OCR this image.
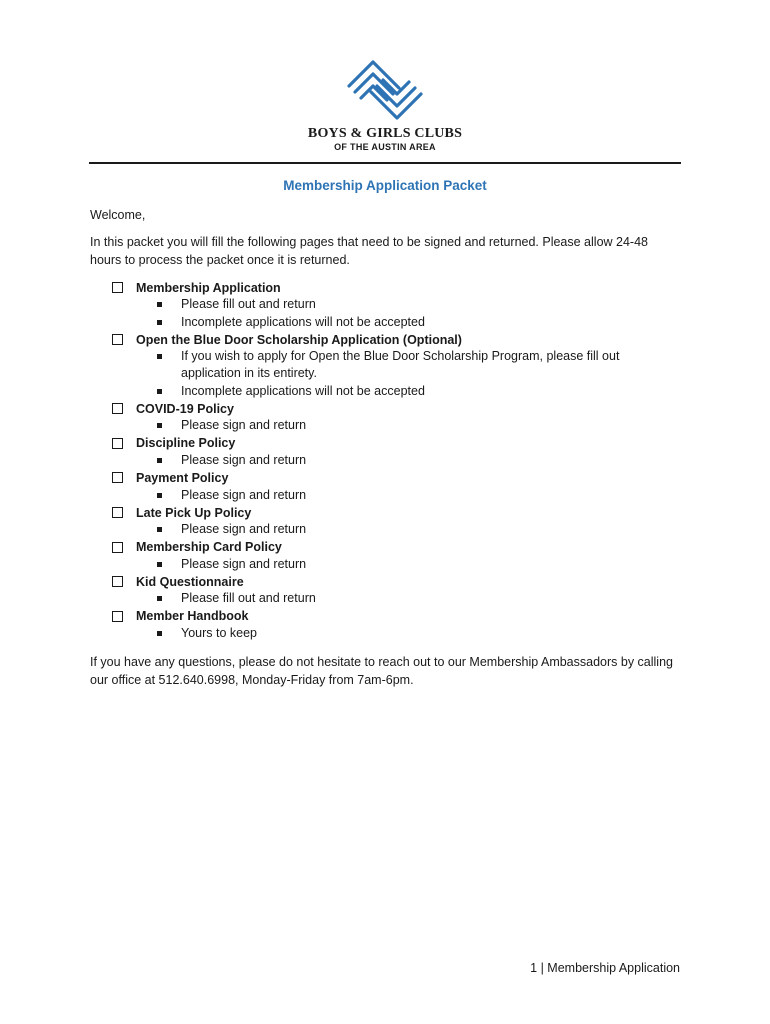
BOYS & GIRLS CLUBS
OF THE AUSTIN AREA
Membership Application Packet
Welcome,
In this packet you will fill the following pages that need to be signed and returned. Please allow 24-48 hours to process the packet once it is returned.
Membership Application
Please fill out and return
Incomplete applications will not be accepted
Open the Blue Door Scholarship Application (Optional)
If you wish to apply for Open the Blue Door Scholarship Program, please fill out application in its entirety.
Incomplete applications will not be accepted
COVID-19 Policy
Please sign and return
Discipline Policy
Please sign and return
Payment Policy
Please sign and return
Late Pick Up Policy
Please sign and return
Membership Card Policy
Please sign and return
Kid Questionnaire
Please fill out and return
Member Handbook
Yours to keep
If you have any questions, please do not hesitate to reach out to our Membership Ambassadors by calling our office at 512.640.6998, Monday-Friday from 7am-6pm.
1 | Membership Application
